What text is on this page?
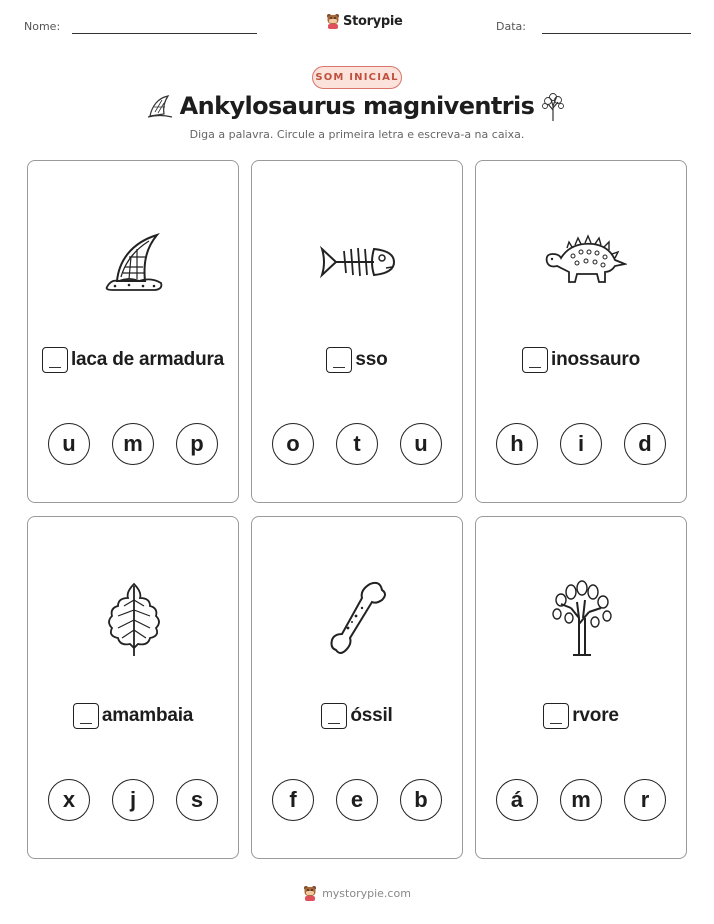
Nome:	Storypie	Data:
SOM INICIAL
Ankylosaurus magniventris
Diga a palavra. Circule a primeira letra e escreva-a na caixa.
laca de armadura
u	m	p
sso
o	t	u
inossauro
h	i	d
amambaia
x	j	s
óssil
f	e	b
rvore
á	m	r
mystorypie.com
